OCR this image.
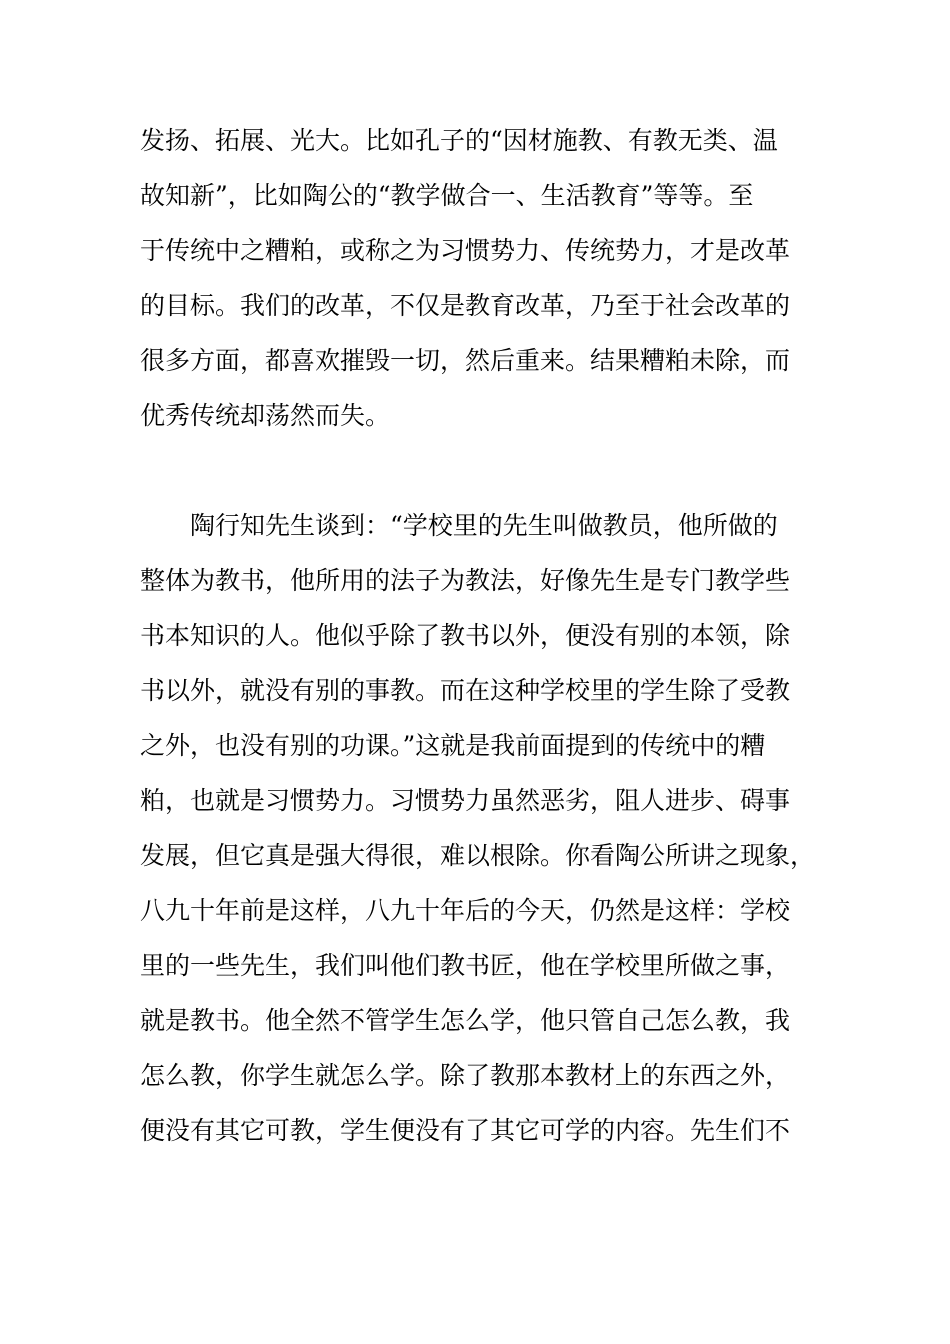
发扬、拓展、光大。比如孔子的“因材施教、有教无类、温
故知新”，比如陶公的“教学做合一、生活教育”等等。至
于传统中之糟粕，或称之为习惯势力、传统势力，才是改革
的目标。我们的改革，不仅是教育改革，乃至于社会改革的
很多方面，都喜欢摧毁一切，然后重来。结果糟粕未除，而
优秀传统却荡然而失。
　　陶行知先生谈到：“学校里的先生叫做教员，他所做的
整体为教书，他所用的法子为教法，好像先生是专门教学些
书本知识的人。他似乎除了教书以外，便没有别的本领，除
书以外，就没有别的事教。而在这种学校里的学生除了受教
之外，也没有别的功课。”这就是我前面提到的传统中的糟
粕，也就是习惯势力。习惯势力虽然恶劣，阻人进步、碍事
发展，但它真是强大得很，难以根除。你看陶公所讲之现象，
八九十年前是这样，八九十年后的今天，仍然是这样：学校
里的一些先生，我们叫他们教书匠，他在学校里所做之事，
就是教书。他全然不管学生怎么学，他只管自己怎么教，我
怎么教，你学生就怎么学。除了教那本教材上的东西之外，
便没有其它可教，学生便没有了其它可学的内容。先生们不
